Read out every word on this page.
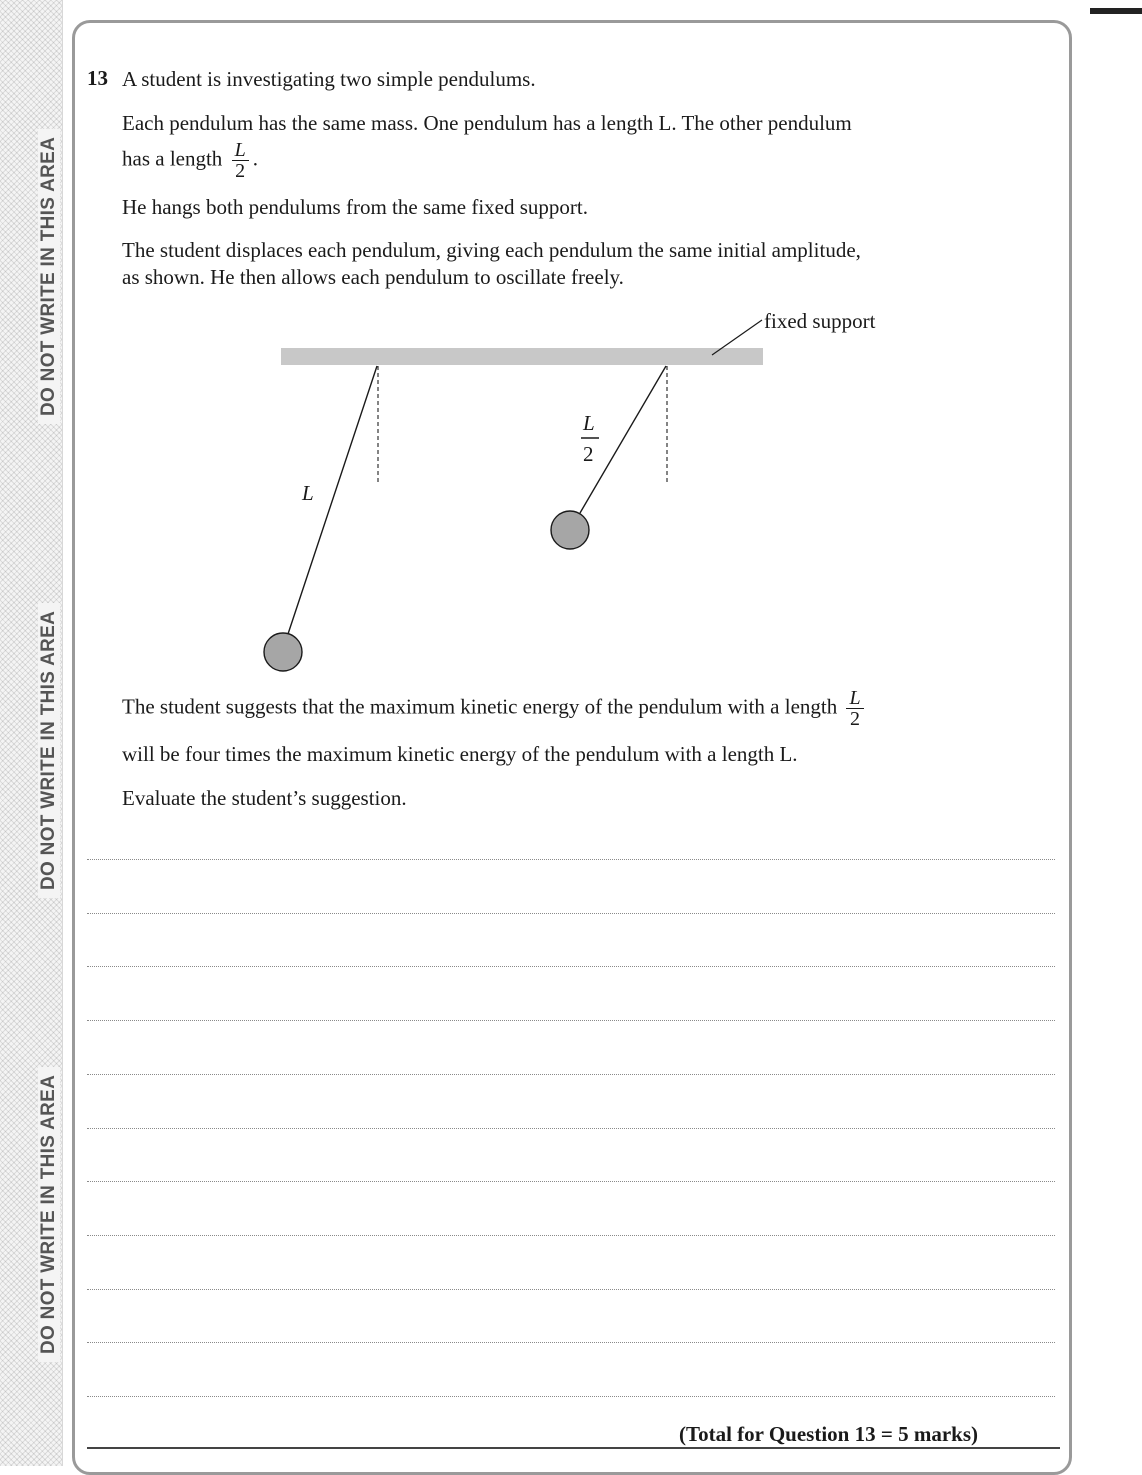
DO NOT WRITE IN THIS AREA
DO NOT WRITE IN THIS AREA
DO NOT WRITE IN THIS AREA
13 A student is investigating two simple pendulums.

Each pendulum has the same mass. One pendulum has a length L. The other pendulum

has a length $\frac{L}{2}$ .

He hangs both pendulums from the same fixed support.

The student displaces each pendulum, giving each pendulum the same initial amplitude,

as shown. He then allows each pendulum to oscillate freely.

fixed support
L
L
2

The student suggests that the maximum kinetic energy of the pendulum with a length $\frac{L}{2}$

will be four times the maximum kinetic energy of the pendulum with a length L.

Evaluate the student’s suggestion.

(Total for Question 13 = 5 marks)
